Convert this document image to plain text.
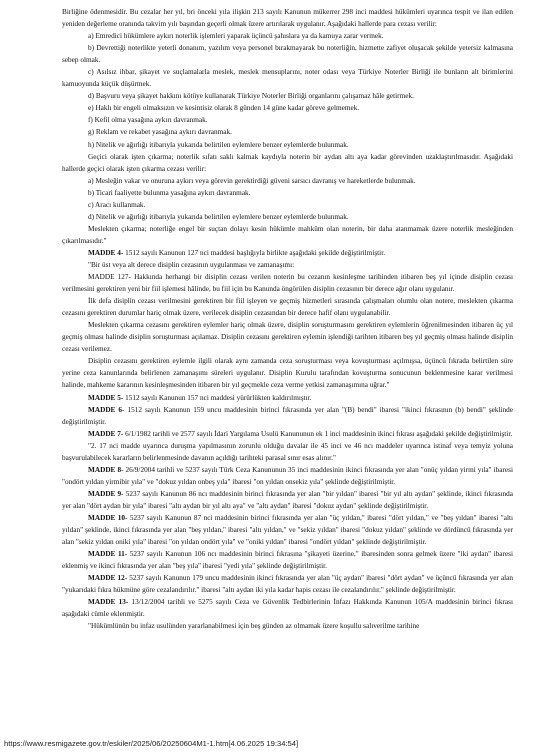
Birliğine ödenmesidir. Bu cezalar her yıl, bri önceki yıla ilişkin 213 sayılı Kanunun mükerrer 298 inci maddesi hükümleri uyarınca tespit ve ilan edilen yeniden değerleme oranında takvim yılı başından geçerli olmak üzere artırılarak uygulanır. Aşağıdaki hallerde para cezası verilir:

a) Emredici hükümlere aykırı noterlik işlemleri yaparak üçüncü şahıslara ya da kamuya zarar vermek.

b) Devrettiği noterlikte yeterli donanım, yazılım veya personel bırakmayarak bu noterliğin, hizmette zafiyet oluşacak şekilde yetersiz kalmasına sebep olmak.

c) Asılsız ihbar, şikayet ve suçlamalarla meslek, meslek mensuplarını, noter odası veya Türkiye Noterler Birliği ile bunların alt birimlerini kamuoyunda küçük düşürmek.

d) Başvuru veya şikayet hakkını kötüye kullanarak Türkiye Noterler Birliği organlarını çalışamaz hâle getirmek.

e) Haklı bir engeli olmaksızın ve kesintisiz olarak 8 günden 14 güne kadar göreve gelmemek.

f) Kefil olma yasağına aykırı davranmak.

g) Reklam ve rekabet yasağına aykırı davranmak.

h) Nitelik ve ağırlığı itibarıyla yukarıda belirtilen eylemlere benzer eylemlerde bulunmak.

Geçici olarak işten çıkarma; noterlik sıfatı saklı kalmak kaydıyla noterin bir aydan altı aya kadar görevinden uzaklaştırılmasıdır. Aşağıdaki hallerde geçici olarak işten çıkarma cezası verilir:

a) Mesleğin vakar ve onuruna aykırı veya görevin gerektirdiği güveni sarsıcı davranış ve hareketlerde bulunmak.

b) Ticari faaliyette bulunma yasağına aykırı davranmak.

c) Aracı kullanmak.

d) Nitelik ve ağırlığı itibarıyla yukarıda belirtilen eylemlere benzer eylemlerde bulunmak.

Meslekten çıkarma; noterliğe engel bir suçtan dolayı kesin hükümle mahkûm olan noterin, bir daha atanmamak üzere noterlik mesleğinden çıkarılmasıdır."

MADDE 4- 1512 sayılı Kanunun 127 nci maddesi başlığıyla birlikte aşağıdaki şekilde değiştirilmiştir.

"Bir üst veya alt derece disiplin cezasının uygulanması ve zamanaşımı:

MADDE 127- Hakkında herhangi bir disiplin cezası verilen noterin bu cezanın kesinleşme tarihinden itibaren beş yıl içinde disiplin cezası verilmesini gerektiren yeni bir fiil işlemesi hâlinde, bu fiil için bu Kanunda öngörülen disiplin cezasının bir derece ağır olanı uygulanır.

İlk defa disiplin cezası verilmesini gerektiren bir fiil işleyen ve geçmiş hizmetleri sırasında çalışmaları olumlu olan notere, meslekten çıkarma cezasını gerektiren durumlar hariç olmak üzere, verilecek disiplin cezasından bir derece hafif olanı uygulanabilir.

Meslekten çıkarma cezasını gerektiren eylemler hariç olmak üzere, disiplin soruşturmasını gerektiren eylemlerin öğrenilmesinden itibaren üç yıl geçmiş olması halinde disiplin soruşturması açılamaz. Disiplin cezasını gerektiren eylemin işlendiği tarihten itibaren beş yıl geçmiş olması halinde disiplin cezası verilemez.

Disiplin cezasını gerektiren eylemle ilgili olarak aynı zamanda ceza soruşturması veya kovuşturması açılmışsa, üçüncü fıkrada belirtilen süre yerine ceza kanunlarında belirlenen zamanaşımı süreleri uygulanır. Disiplin Kurulu tarafından kovuşturma sonucunun beklenmesine karar verilmesi halinde, mahkeme kararının kesinleşmesinden itibaren bir yıl geçmekle ceza verme yetkisi zamanaşımına uğrar."

MADDE 5- 1512 sayılı Kanunun 157 nci maddesi yürürlükten kaldırılmıştır.

MADDE 6- 1512 sayılı Kanunun 159 uncu maddesinin birinci fıkrasında yer alan "(B) bendi" ibaresi "ikinci fıkrasının (b) bendi" şeklinde değiştirilmiştir.

MADDE 7- 6/1/1982 tarihli ve 2577 sayılı İdari Yargılama Usulü Kanununun ek 1 inci maddesinin ikinci fıkrası aşağıdaki şekilde değiştirilmiştir.

"2. 17 nci madde uyarınca duruşma yapılmasının zorunlu olduğu davalar ile 45 inci ve 46 ncı maddeler uyarınca istinaf veya temyiz yoluna başvurulabilecek kararların belirlenmesinde davanın açıldığı tarihteki parasal sınır esas alınır."

MADDE 8- 26/9/2004 tarihli ve 5237 sayılı Türk Ceza Kanununun 35 inci maddesinin ikinci fıkrasında yer alan "onüç yıldan yirmi yıla" ibaresi "ondört yıldan yirmibir yıla" ve "dokuz yıldan onbeş yıla" ibaresi "on yıldan onsekiz yıla" şeklinde değiştirilmiştir.

MADDE 9- 5237 sayılı Kanunun 86 ncı maddesinin birinci fıkrasında yer alan "bir yıldan" ibaresi "bir yıl altı aydan" şeklinde, ikinci fıkrasında yer alan "dört aydan bir yıla" ibaresi "altı aydan bir yıl altı aya" ve "altı aydan" ibaresi "dokuz aydan" şeklinde değiştirilmiştir.

MADDE 10- 5237 sayılı Kanunun 87 nci maddesinin birinci fıkrasında yer alan "üç yıldan," ibaresi "dört yıldan," ve "beş yıldan" ibaresi "altı yıldan" şeklinde, ikinci fıkrasında yer alan "beş yıldan," ibaresi "altı yıldan," ve "sekiz yıldan" ibaresi "dokuz yıldan" şeklinde ve dördüncü fıkrasında yer alan "sekiz yıldan oniki yıla" ibaresi "on yıldan ondört yıla" ve "oniki yıldan" ibaresi "ondört yıldan" şeklinde değiştirilmiştir.

MADDE 11- 5237 sayılı Kanunun 106 ncı maddesinin birinci fıkrasına "şikayeti üzerine," ibaresinden sonra gelmek üzere "iki aydan" ibaresi eklenmiş ve ikinci fıkrasında yer alan "beş yıla" ibaresi "yedi yıla" şeklinde değiştirilmiştir.

MADDE 12- 5237 sayılı Kanunun 179 uncu maddesinin ikinci fıkrasında yer alan "üç aydan" ibaresi "dört aydan" ve üçüncü fıkrasında yer alan "yukarıdaki fıkra hükmüne göre cezalandırılır." ibaresi "altı aydan iki yıla kadar hapis cezası ile cezalandırılır." şeklinde değiştirilmiştir.

MADDE 13- 13/12/2004 tarihli ve 5275 sayılı Ceza ve Güvenlik Tedbirlerinin İnfazı Hakkında Kanunun 105/A maddesinin birinci fıkrası aşağıdaki cümle eklenmiştir.

"Hükümlünün bu infaz usulünden yararlanabilmesi için beş günden az olmamak üzere koşullu salıverilme tarihine

https://www.resmigazete.gov.tr/eskiler/2025/06/20250604M1-1.htm[4.06.2025 19:34:54]
